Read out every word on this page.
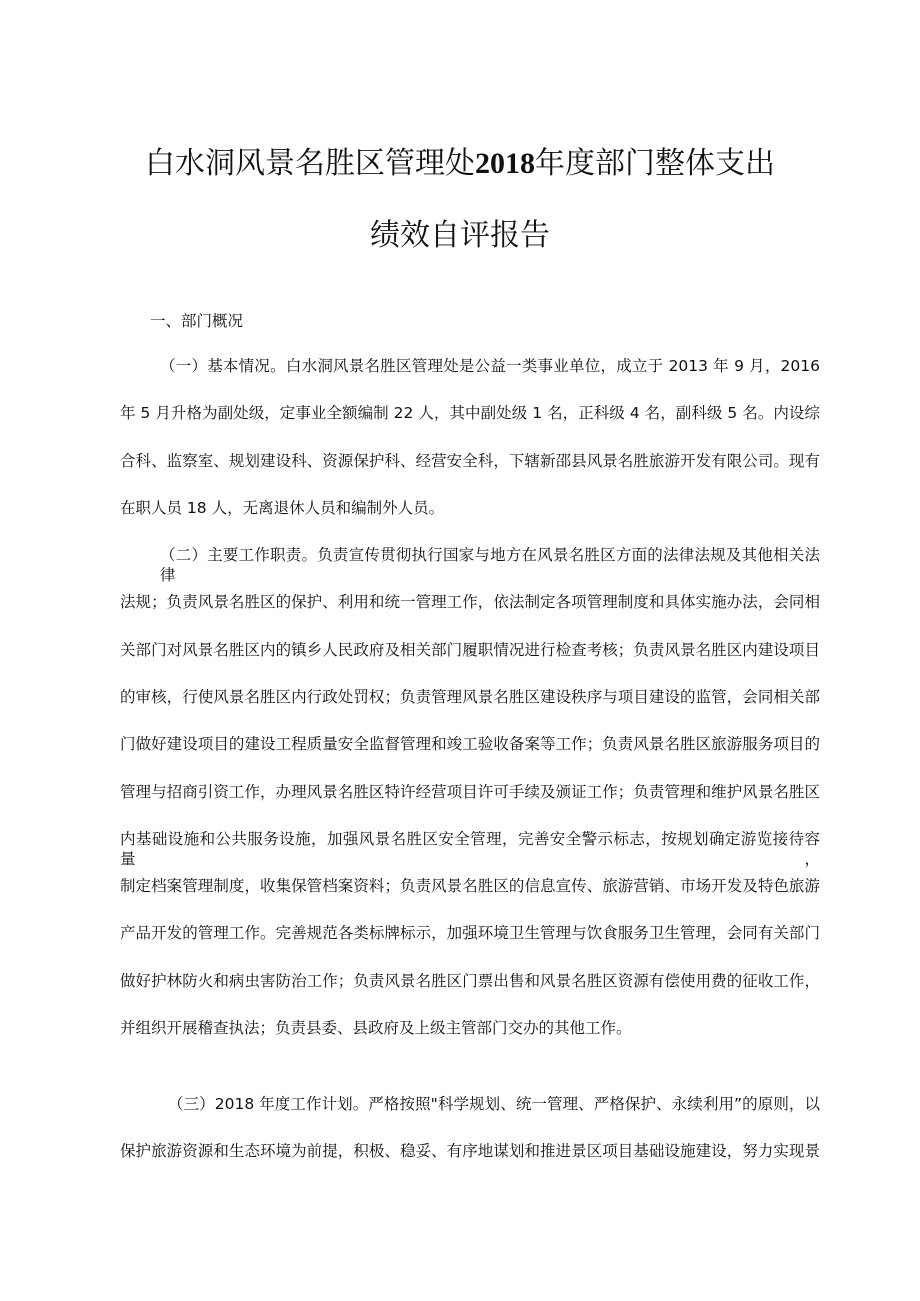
白水洞风景名胜区管理处2018年度部门整体支出
绩效自评报告
一、部门概况
（一）基本情况。白水洞风景名胜区管理处是公益一类事业单位，成立于 2013 年 9 月，2016
年 5 月升格为副处级，定事业全额编制 22 人，其中副处级 1 名，正科级 4 名，副科级 5 名。内设综
合科、监察室、规划建设科、资源保护科、经营安全科，下辖新邵县风景名胜旅游开发有限公司。现有
在职人员 18 人，无离退休人员和编制外人员。
（二）主要工作职责。负责宣传贯彻执行国家与地方在风景名胜区方面的法律法规及其他相关法律
法规；负责风景名胜区的保护、利用和统一管理工作，依法制定各项管理制度和具体实施办法，会同相
关部门对风景名胜区内的镇乡人民政府及相关部门履职情况进行检查考核；负责风景名胜区内建设项目
的审核，行使风景名胜区内行政处罚权；负责管理风景名胜区建设秩序与项目建设的监管，会同相关部
门做好建设项目的建设工程质量安全监督管理和竣工验收备案等工作；负责风景名胜区旅游服务项目的
管理与招商引资工作，办理风景名胜区特许经营项目许可手续及颁证工作；负责管理和维护风景名胜区
内基础设施和公共服务设施，加强风景名胜区安全管理，完善安全警示标志，按规划确定游览接待容量，
制定档案管理制度，收集保管档案资料；负责风景名胜区的信息宣传、旅游营销、市场开发及特色旅游
产品开发的管理工作。完善规范各类标牌标示，加强环境卫生管理与饮食服务卫生管理，会同有关部门
做好护林防火和病虫害防治工作；负责风景名胜区门票出售和风景名胜区资源有偿使用费的征收工作，
并组织开展稽查执法；负责县委、县政府及上级主管部门交办的其他工作。
（三）2018 年度工作计划。严格按照"科学规划、统一管理、严格保护、永续利用”的原则，以
保护旅游资源和生态环境为前提，积极、稳妥、有序地谋划和推进景区项目基础设施建设，努力实现景
